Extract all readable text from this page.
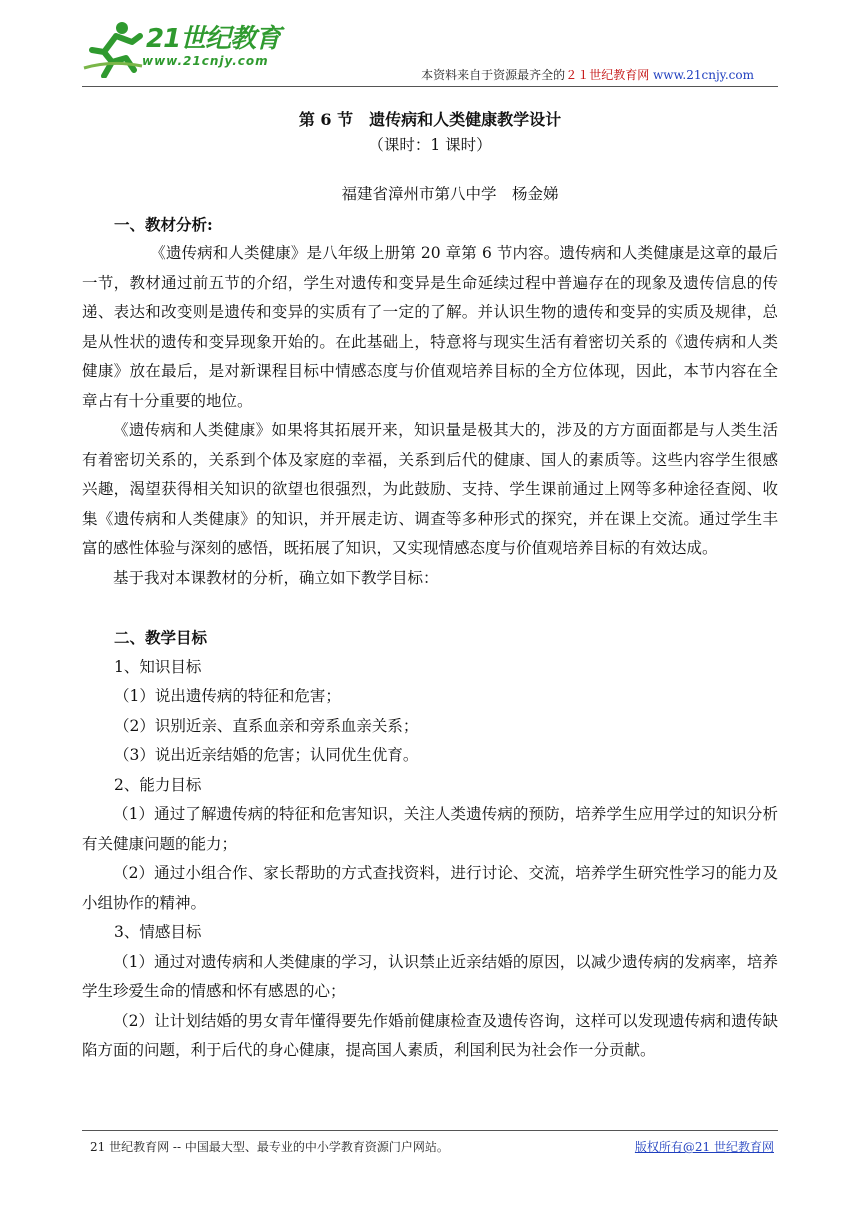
21世纪教育
www.21cnjy.com
本资料来自于资源最齐全的２１世纪教育网 www.21cnjy.com

第 6 节　遗传病和人类健康教学设计

（课时：1 课时）

福建省漳州市第八中学　杨金娣

一、教材分析:

《遗传病和人类健康》是八年级上册第 20 章第 6 节内容。遗传病和人类健康是这章的最后一节，教材通过前五节的介绍，学生对遗传和变异是生命延续过程中普遍存在的现象及遗传信息的传递、表达和改变则是遗传和变异的实质有了一定的了解。并认识生物的遗传和变异的实质及规律，总是从性状的遗传和变异现象开始的。在此基础上，特意将与现实生活有着密切关系的《遗传病和人类健康》放在最后，是对新课程目标中情感态度与价值观培养目标的全方位体现，因此，本节内容在全章占有十分重要的地位。

《遗传病和人类健康》如果将其拓展开来，知识量是极其大的，涉及的方方面面都是与人类生活有着密切关系的，关系到个体及家庭的幸福，关系到后代的健康、国人的素质等。这些内容学生很感兴趣，渴望获得相关知识的欲望也很强烈，为此鼓励、支持、学生课前通过上网等多种途径查阅、收集《遗传病和人类健康》的知识，并开展走访、调查等多种形式的探究，并在课上交流。通过学生丰富的感性体验与深刻的感悟，既拓展了知识，又实现情感态度与价值观培养目标的有效达成。

基于我对本课教材的分析，确立如下教学目标：

二、教学目标

1、知识目标

（1）说出遗传病的特征和危害；

（2）识别近亲、直系血亲和旁系血亲关系；

（3）说出近亲结婚的危害；认同优生优育。

2、能力目标

（1）通过了解遗传病的特征和危害知识，关注人类遗传病的预防，培养学生应用学过的知识分析有关健康问题的能力；

（2）通过小组合作、家长帮助的方式查找资料，进行讨论、交流，培养学生研究性学习的能力及小组协作的精神。

3、情感目标

（1）通过对遗传病和人类健康的学习，认识禁止近亲结婚的原因，以减少遗传病的发病率，培养学生珍爱生命的情感和怀有感恩的心；

（2）让计划结婚的男女青年懂得要先作婚前健康检查及遗传咨询，这样可以发现遗传病和遗传缺陷方面的问题，利于后代的身心健康，提高国人素质，利国利民为社会作一分贡献。

21 世纪教育网 -- 中国最大型、最专业的中小学教育资源门户网站。	版权所有@21 世纪教育网
